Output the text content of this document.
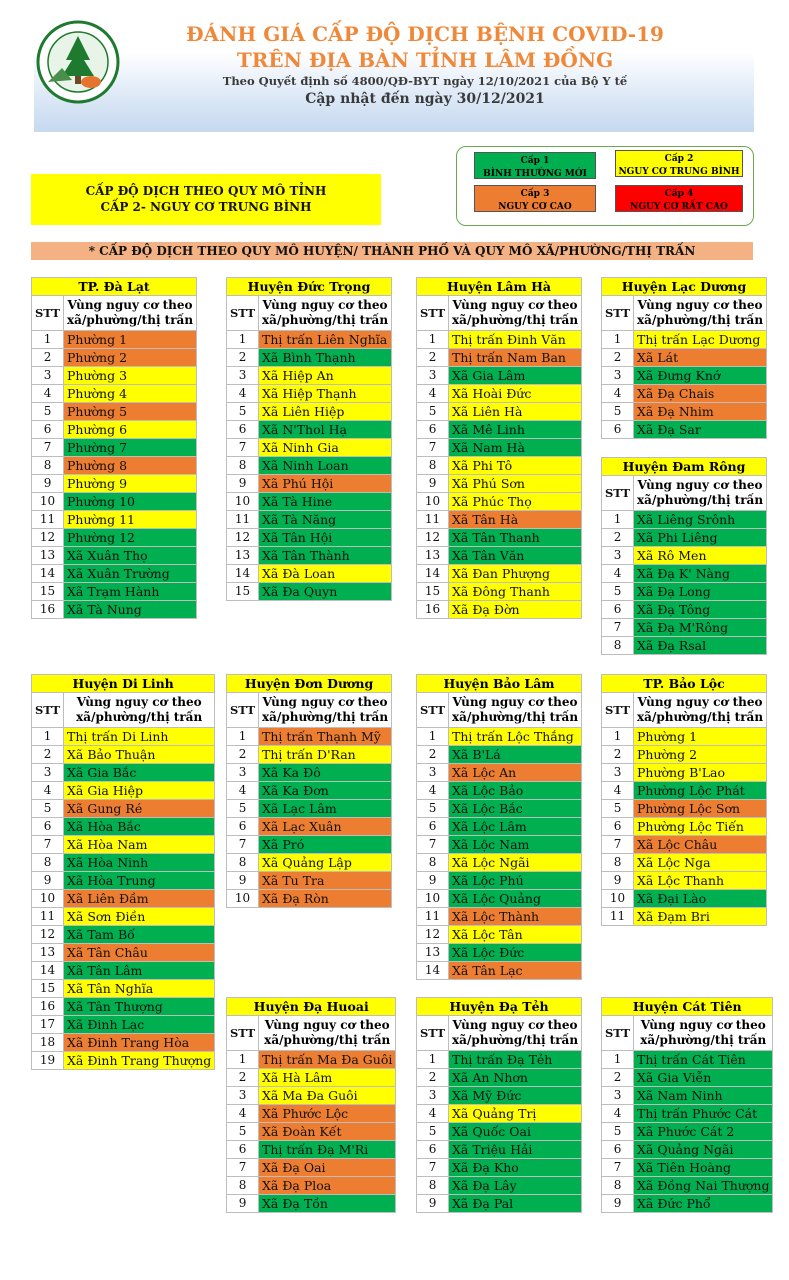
ĐÁNH GIÁ CẤP ĐỘ DỊCH BỆNH COVID-19
TRÊN ĐỊA BÀN TỈNH LÂM ĐỒNG
Theo Quyết định số 4800/QĐ-BYT ngày 12/10/2021 của Bộ Y tế
Cập nhật đến ngày 30/12/2021
CẤP ĐỘ DỊCH THEO QUY MÔ TỈNH
CẤP 2- NGUY CƠ TRUNG BÌNH
Cấp 1
BÌNH THƯỜNG MỚI
Cấp 2
NGUY CƠ TRUNG BÌNH
Cấp 3
NGUY CƠ CAO
Cấp 4
NGUY CƠ RẤT CAO
* CẤP ĐỘ DỊCH THEO QUY MÔ HUYỆN/ THÀNH PHỐ VÀ QUY MÔ XÃ/PHƯỜNG/THỊ TRẤN
TP. Đà Lạt	
STT	Vùng nguy cơ theo
xã/phường/thị trấn

1	Phường 1
2	Phường 2
3	Phường 3
4	Phường 4
5	Phường 5
6	Phường 6
7	Phường 7
8	Phường 8
9	Phường 9
10	Phường 10
11	Phường 11
12	Phường 12
13	Xã Xuân Thọ
14	Xã Xuân Trường
15	Xã Trạm Hành
16	Xã Tà Nung
Huyện Đức Trọng	
STT	Vùng nguy cơ theo
xã/phường/thị trấn

1	Thị trấn Liên Nghĩa
2	Xã Bình Thạnh
3	Xã Hiệp An
4	Xã Hiệp Thạnh
5	Xã Liên Hiệp
6	Xã N'Thol Hạ
7	Xã Ninh Gia
8	Xã Ninh Loan
9	Xã Phú Hội
10	Xã Tà Hine
11	Xã Tà Năng
12	Xã Tân Hội
13	Xã Tân Thành
14	Xã Đà Loan
15	Xã Đa Quyn
Huyện Lâm Hà	
STT	Vùng nguy cơ theo
xã/phường/thị trấn

1	Thị trấn Đinh Văn
2	Thị trấn Nam Ban
3	Xã Gia Lâm
4	Xã Hoài Đức
5	Xã Liên Hà
6	Xã Mê Linh
7	Xã Nam Hà
8	Xã Phi Tô
9	Xã Phú Sơn
10	Xã Phúc Thọ
11	Xã Tân Hà
12	Xã Tân Thanh
13	Xã Tân Văn
14	Xã Đan Phượng
15	Xã Đông Thanh
16	Xã Đạ Đờn
Huyện Lạc Dương	
STT	Vùng nguy cơ theo
xã/phường/thị trấn

1	Thị trấn Lạc Dương
2	Xã Lát
3	Xã Đưng Knớ
4	Xã Đạ Chais
5	Xã Đạ Nhim
6	Xã Đạ Sar
Huyện Đam Rông	
STT	Vùng nguy cơ theo
xã/phường/thị trấn

1	Xã Liêng Srônh
2	Xã Phi Liêng
3	Xã Rô Men
4	Xã Đạ K' Nàng
5	Xã Đạ Long
6	Xã Đạ Tông
7	Xã Đạ M'Rông
8	Xã Đạ Rsal
Huyện Di Linh	
STT	Vùng nguy cơ theo
xã/phường/thị trấn

1	Thị trấn Di Linh
2	Xã Bảo Thuận
3	Xã Gia Bắc
4	Xã Gia Hiệp
5	Xã Gung Ré
6	Xã Hòa Bắc
7	Xã Hòa Nam
8	Xã Hòa Ninh
9	Xã Hòa Trung
10	Xã Liên Đầm
11	Xã Sơn Điền
12	Xã Tam Bố
13	Xã Tân Châu
14	Xã Tân Lâm
15	Xã Tân Nghĩa
16	Xã Tân Thượng
17	Xã Đinh Lạc
18	Xã Đinh Trang Hòa
19	Xã Đinh Trang Thượng
Huyện Đơn Dương	
STT	Vùng nguy cơ theo
xã/phường/thị trấn

1	Thị trấn Thạnh Mỹ
2	Thị trấn D'Ran
3	Xã Ka Đô
4	Xã Ka Đơn
5	Xã Lạc Lâm
6	Xã Lạc Xuân
7	Xã Pró
8	Xã Quảng Lập
9	Xã Tu Tra
10	Xã Đạ Ròn
Huyện Bảo Lâm	
STT	Vùng nguy cơ theo
xã/phường/thị trấn

1	Thị trấn Lộc Thắng
2	Xã B'Lá
3	Xã Lộc An
4	Xã Lộc Bảo
5	Xã Lộc Bắc
6	Xã Lộc Lâm
7	Xã Lộc Nam
8	Xã Lộc Ngãi
9	Xã Lộc Phú
10	Xã Lộc Quảng
11	Xã Lộc Thành
12	Xã Lộc Tân
13	Xã Lộc Đức
14	Xã Tân Lạc
TP. Bảo Lộc	
STT	Vùng nguy cơ theo
xã/phường/thị trấn

1	Phường 1
2	Phường 2
3	Phường B'Lao
4	Phường Lộc Phát
5	Phường Lộc Sơn
6	Phường Lộc Tiến
7	Xã Lộc Châu
8	Xã Lộc Nga
9	Xã Lộc Thanh
10	Xã Đại Lào
11	Xã Đạm Bri
Huyện Đạ Huoai	
STT	Vùng nguy cơ theo
xã/phường/thị trấn

1	Thị trấn Ma Đa Guôi
2	Xã Hà Lâm
3	Xã Ma Đa Guôi
4	Xã Phước Lộc
5	Xã Đoàn Kết
6	Thị trấn Đạ M'Ri
7	Xã Đạ Oai
8	Xã Đạ Ploa
9	Xã Đạ Tồn
Huyện Đạ Tẻh	
STT	Vùng nguy cơ theo
xã/phường/thị trấn

1	Thị trấn Đạ Tẻh
2	Xã An Nhơn
3	Xã Mỹ Đức
4	Xã Quảng Trị
5	Xã Quốc Oai
6	Xã Triệu Hải
7	Xã Đạ Kho
8	Xã Đạ Lây
9	Xã Đạ Pal
Huyện Cát Tiên	
STT	Vùng nguy cơ theo
xã/phường/thị trấn

1	Thị trấn Cát Tiên
2	Xã Gia Viễn
3	Xã Nam Ninh
4	Thị trấn Phước Cát
5	Xã Phước Cát 2
6	Xã Quảng Ngãi
7	Xã Tiên Hoàng
8	Xã Đồng Nai Thượng
9	Xã Đức Phổ
